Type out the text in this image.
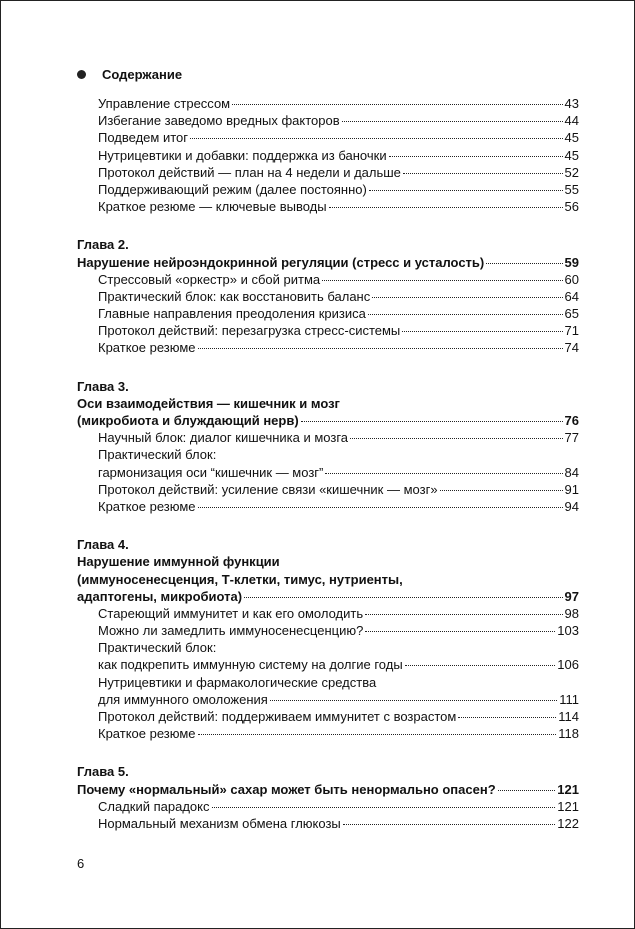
Содержание
Управление стрессом	43
Избегание заведомо вредных факторов	44
Подведем итог	45
Нутрицевтики и добавки: поддержка из баночки	45
Протокол действий — план на 4 недели и дальше	52
Поддерживающий режим (далее постоянно)	55
Краткое резюме — ключевые выводы	56
Глава 2.
Нарушение нейроэндокринной регуляции (стресс и усталость)	59
Стрессовый «оркестр» и сбой ритма	60
Практический блок: как восстановить баланс	64
Главные направления преодоления кризиса	65
Протокол действий: перезагрузка стресс-системы	71
Краткое резюме	74
Глава 3.
Оси взаимодействия — кишечник и мозг
(микробиота и блуждающий нерв)	76
Научный блок: диалог кишечника и мозга	77
Практический блок:
гармонизация оси “кишечник — мозг”	84
Протокол действий: усиление связи «кишечник — мозг»	91
Краткое резюме	94
Глава 4.
Нарушение иммунной функции
(иммуносенесценция, Т-клетки, тимус, нутриенты,
адаптогены, микробиота)	97
Стареющий иммунитет и как его омолодить	98
Можно ли замедлить иммуносенесценцию?	103
Практический блок:
как подкрепить иммунную систему на долгие годы	106
Нутрицевтики и фармакологические средства
для иммунного омоложения	111
Протокол действий: поддерживаем иммунитет с возрастом	114
Краткое резюме	118
Глава 5.
Почему «нормальный» сахар может быть ненормально опасен?	121
Сладкий парадокс	121
Нормальный механизм обмена глюкозы	122
6
